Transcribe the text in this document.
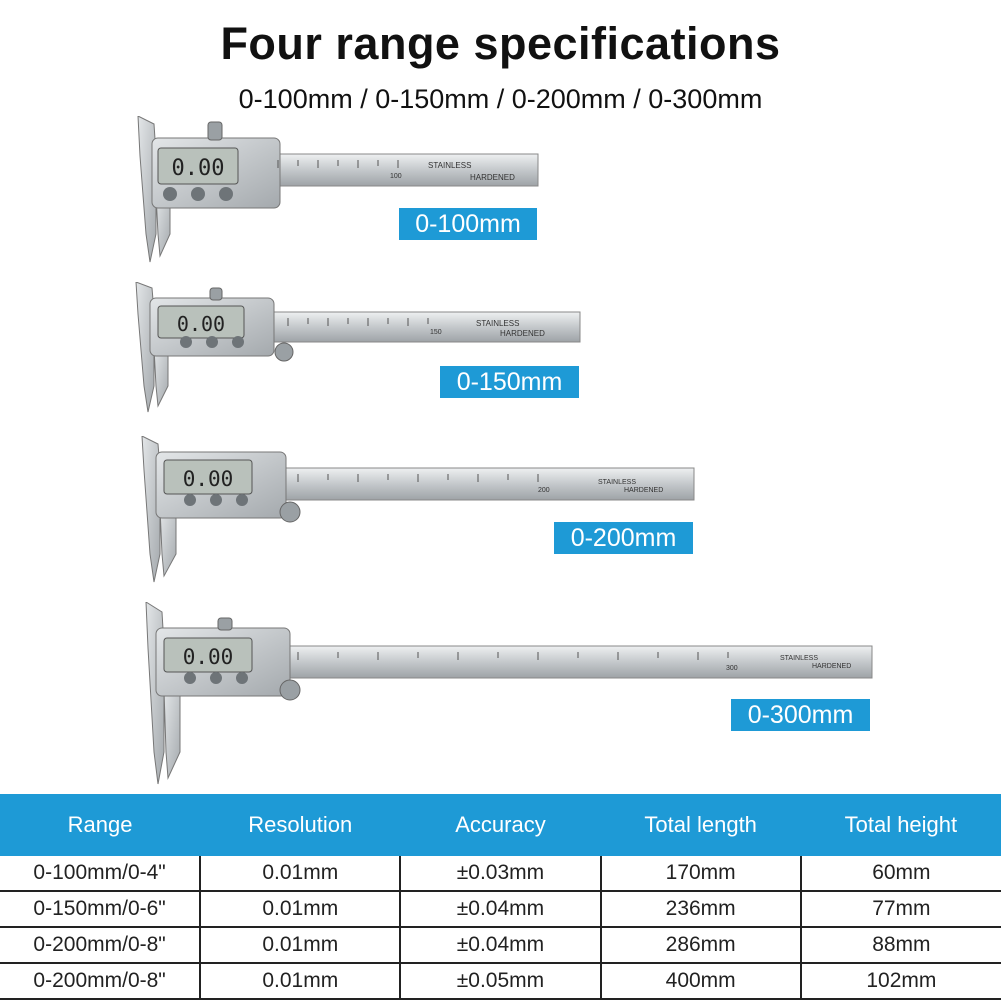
Four range specifications
0-100mm / 0-150mm / 0-200mm / 0-300mm
0.00	100
STAINLESS
HARDENED
0-100mm
0.00	150
STAINLESS
HARDENED
0-150mm
0.00	200
STAINLESS
HARDENED
0-200mm
0.00	300
STAINLESS
HARDENED
0-300mm
Range	Resolution	Accuracy	Total length	Total height
0-100mm/0-4"	0.01mm	±0.03mm	170mm	60mm
0-150mm/0-6"	0.01mm	±0.04mm	236mm	77mm
0-200mm/0-8"	0.01mm	±0.04mm	286mm	88mm
0-200mm/0-8"	0.01mm	±0.05mm	400mm	102mm
